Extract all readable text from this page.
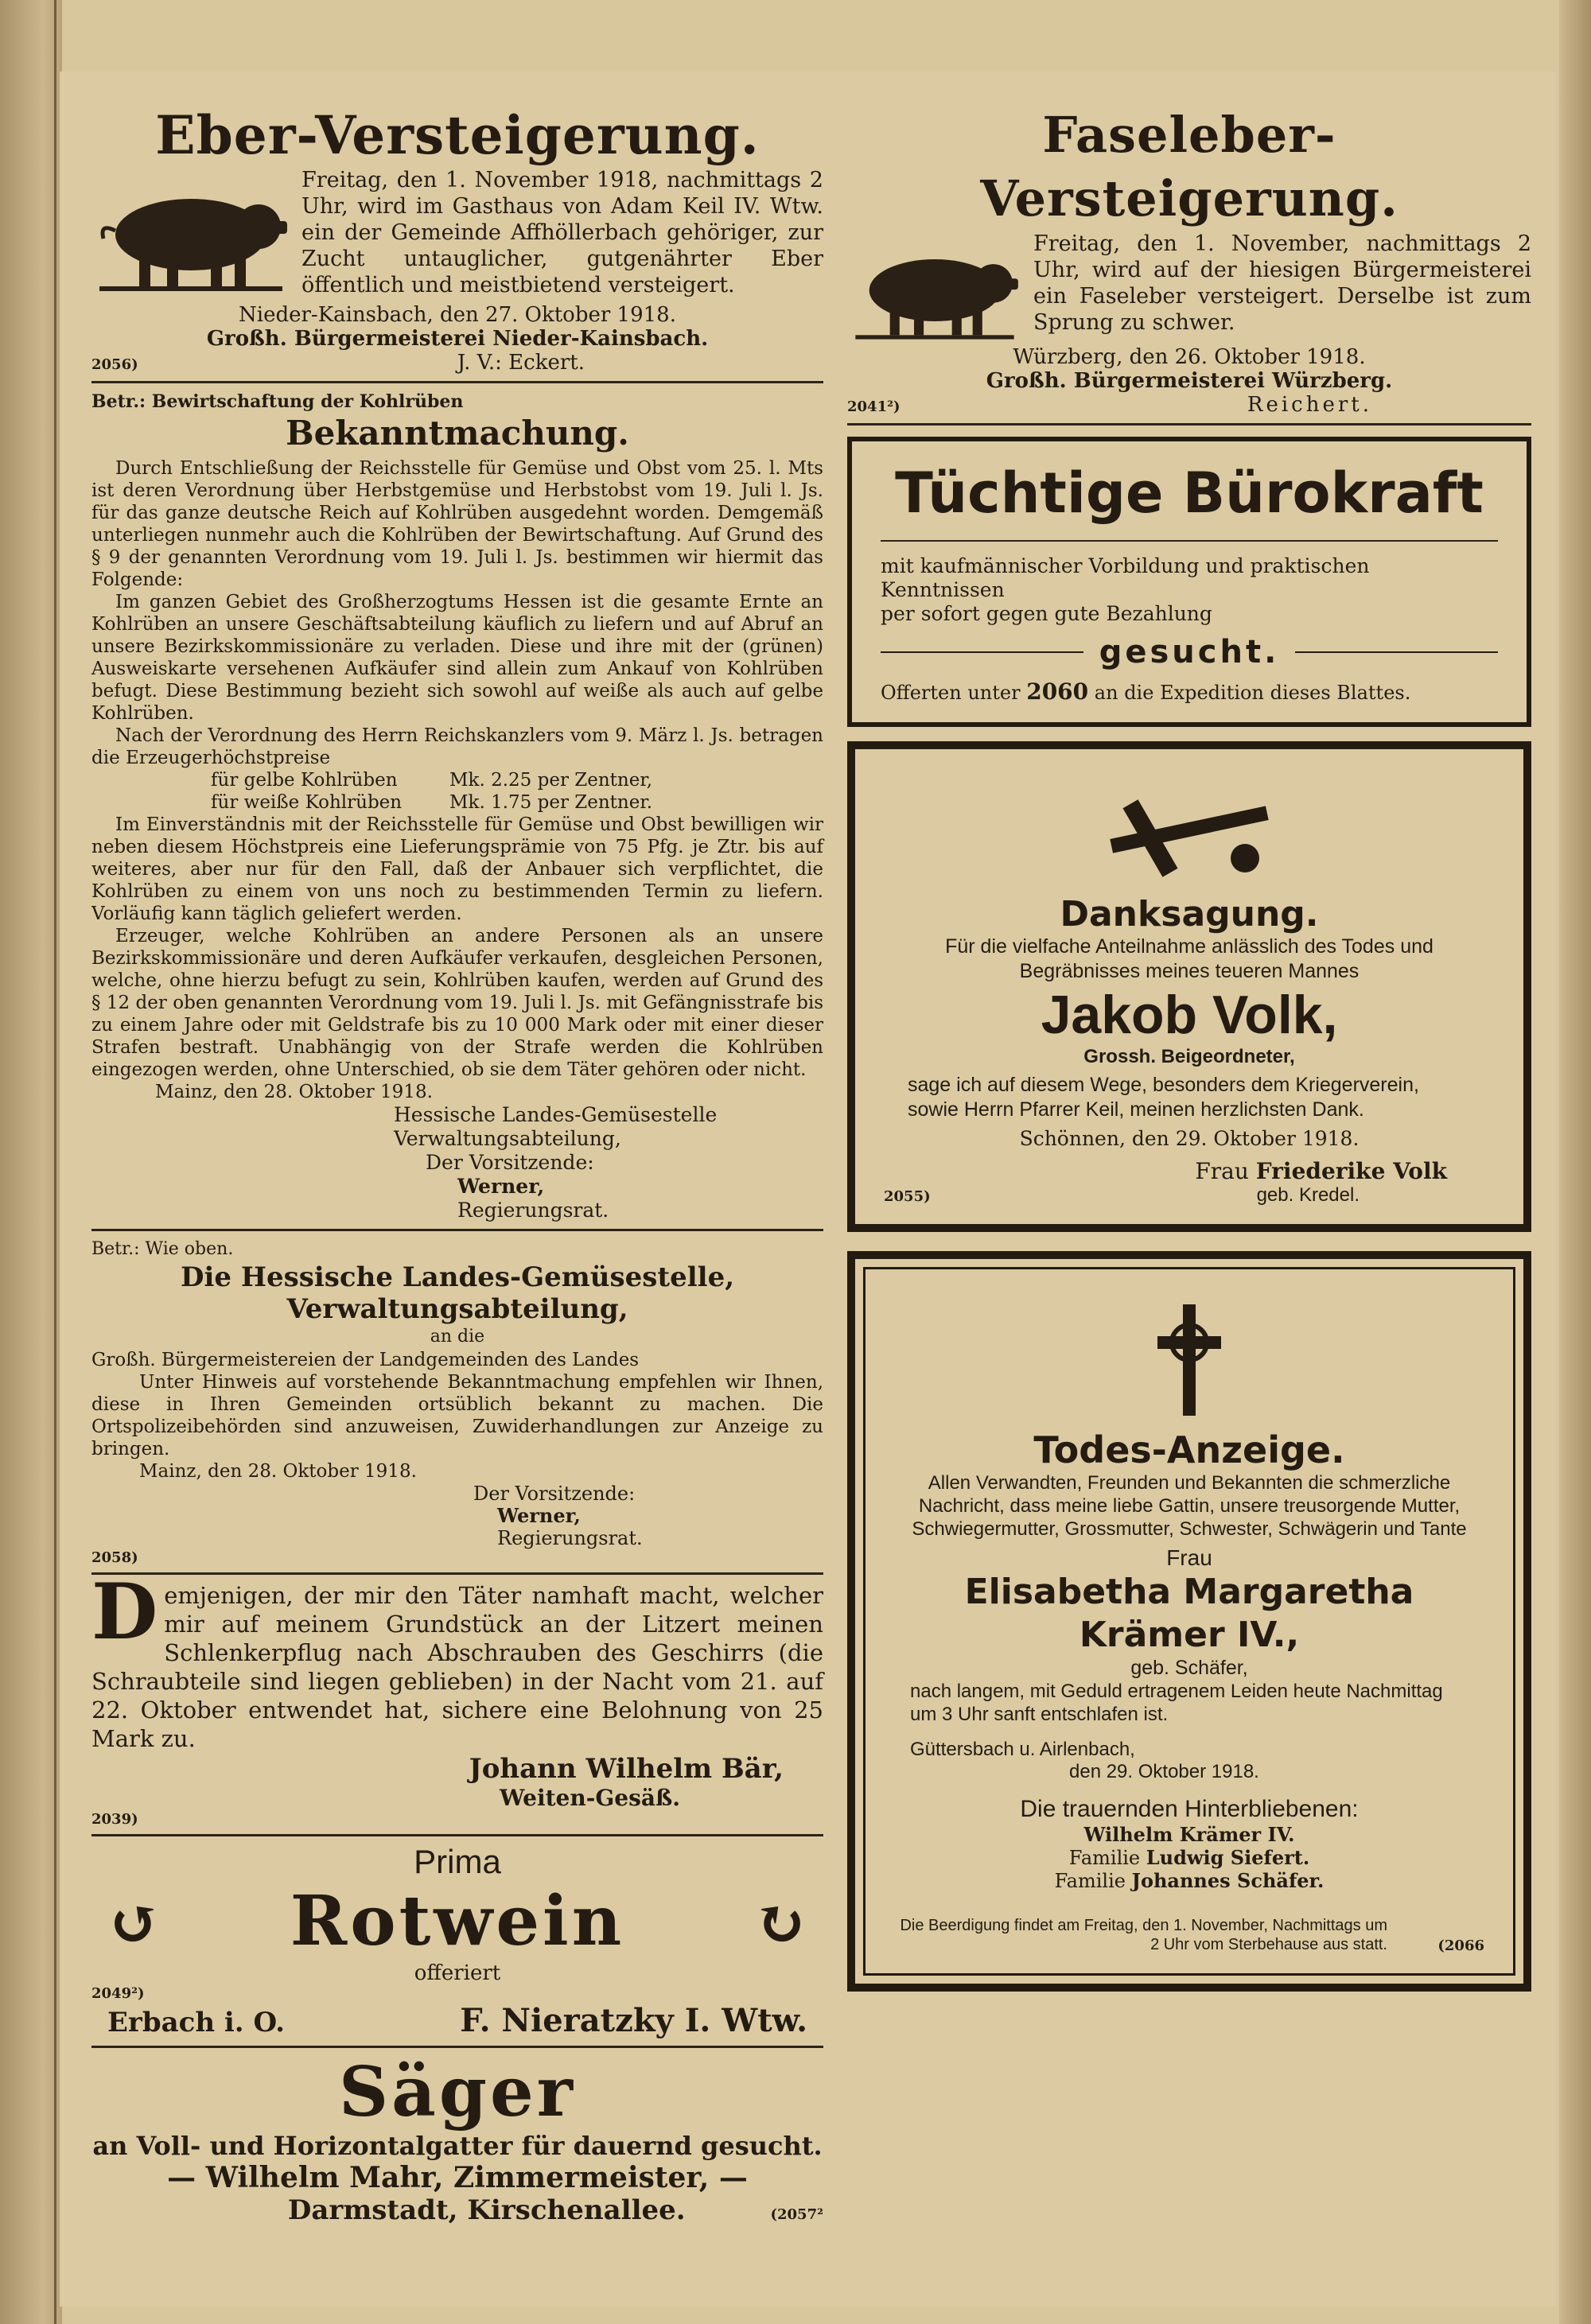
Eber-Versteigerung.
Freitag, den 1. November 1918, nachmittags 2 Uhr, wird im Gasthaus von Adam Keil IV. Wtw. ein der Gemeinde Affhöllerbach gehöriger, zur Zucht untauglicher, gutgenährter Eber öffentlich und meistbietend versteigert.
Nieder-Kainsbach, den 27. Oktober 1918.
Großh. Bürgermeisterei Nieder-Kainsbach.
2056)	J. V.: Eckert.
Betr.: Bewirtschaftung der Kohlrüben
Bekanntmachung.

Durch Entschließung der Reichsstelle für Gemüse und Obst vom 25. l. Mts ist deren Verordnung über Herbstgemüse und Herbstobst vom 19. Juli l. Js. für das ganze deutsche Reich auf Kohlrüben ausgedehnt worden. Demgemäß unterliegen nunmehr auch die Kohlrüben der Bewirtschaftung. Auf Grund des § 9 der genannten Verordnung vom 19. Juli l. Js. bestimmen wir hiermit das Folgende:

Im ganzen Gebiet des Großherzogtums Hessen ist die gesamte Ernte an Kohlrüben an unsere Geschäftsabteilung käuflich zu liefern und auf Abruf an unsere Bezirkskommissionäre zu verladen. Diese und ihre mit der (grünen) Ausweiskarte versehenen Aufkäufer sind allein zum Ankauf von Kohlrüben befugt. Diese Bestimmung bezieht sich sowohl auf weiße als auch auf gelbe Kohlrüben.

Nach der Verordnung des Herrn Reichskanzlers vom 9. März l. Js. betragen die Erzeugerhöchstpreise

für gelbe Kohlrüben	Mk. 2.25 per Zentner,
für weiße Kohlrüben	Mk. 1.75 per Zentner.

Im Einverständnis mit der Reichsstelle für Gemüse und Obst bewilligen wir neben diesem Höchstpreis eine Lieferungsprämie von 75 Pfg. je Ztr. bis auf weiteres, aber nur für den Fall, daß der Anbauer sich verpflichtet, die Kohlrüben zu einem von uns noch zu bestimmenden Termin zu liefern. Vorläufig kann täglich geliefert werden.

Erzeuger, welche Kohlrüben an andere Personen als an unsere Bezirkskommissionäre und deren Aufkäufer verkaufen, desgleichen Personen, welche, ohne hierzu befugt zu sein, Kohlrüben kaufen, werden auf Grund des § 12 der oben genannten Verordnung vom 19. Juli l. Js. mit Gefängnisstrafe bis zu einem Jahre oder mit Geldstrafe bis zu 10 000 Mark oder mit einer dieser Strafen bestraft. Unabhängig von der Strafe werden die Kohlrüben eingezogen werden, ohne Unterschied, ob sie dem Täter gehören oder nicht.

Mainz, den 28. Oktober 1918.
Hessische Landes-Gemüsestelle
Verwaltungsabteilung,
Der Vorsitzende:
Werner,
Regierungsrat.
Betr.: Wie oben.
Die Hessische Landes-Gemüsestelle, Verwaltungsabteilung,
an die
Großh. Bürgermeistereien der Landgemeinden des Landes

Unter Hinweis auf vorstehende Bekanntmachung empfehlen wir Ihnen, diese in Ihren Gemeinden ortsüblich bekannt zu machen. Die Ortspolizeibehörden sind anzuweisen, Zuwiderhandlungen zur Anzeige zu bringen.

Mainz, den 28. Oktober 1918.
Der Vorsitzende:
Werner,
Regierungsrat.
2058)
D emjenigen, der mir den Täter namhaft macht, welcher mir auf meinem Grundstück an der Litzert meinen Schlenkerpflug nach Abschrauben des Geschirrs (die Schraubteile sind liegen geblieben) in der Nacht vom 21. auf 22. Oktober entwendet hat, sichere eine Belohnung von 25 Mark zu.
Johann Wilhelm Bär,
Weiten-Gesäß.
2039)
Prima
↺ Rotwein ↻
offeriert
2049²)
Erbach i. O.	F. Nieratzky I. Wtw.
Säger
an Voll- und Horizontalgatter für dauernd gesucht.
— Wilhelm Mahr, Zimmermeister, —
Darmstadt, Kirschenallee.	(2057²
Faseleber-Versteigerung.
Freitag, den 1. November, nachmittags 2 Uhr, wird auf der hiesigen Bürgermeisterei ein Faseleber versteigert. Derselbe ist zum Sprung zu schwer.
Würzberg, den 26. Oktober 1918.
Großh. Bürgermeisterei Würzberg.
2041²)	Reichert.
Tüchtige Bürokraft
mit kaufmännischer Vorbildung und praktischen Kenntnissen
per sofort gegen gute Bezahlung
gesucht.
Offerten unter 2060 an die Expedition dieses Blattes.
Danksagung.
Für die vielfache Anteilnahme anlässlich des Todes und Begräbnisses meines teueren Mannes
Jakob Volk,
Grossh. Beigeordneter,
sage ich auf diesem Wege, besonders dem Kriegerverein, sowie Herrn Pfarrer Keil, meinen herzlichsten Dank.
Schönnen, den 29. Oktober 1918.
Frau Friederike Volk
2055)	geb. Kredel.
Todes-Anzeige.
Allen Verwandten, Freunden und Bekannten die schmerzliche Nachricht, dass meine liebe Gattin, unsere treusorgende Mutter, Schwiegermutter, Grossmutter, Schwester, Schwägerin und Tante
Frau
Elisabetha Margaretha Krämer IV.,
geb. Schäfer,
nach langem, mit Geduld ertragenem Leiden heute Nachmittag um 3 Uhr sanft entschlafen ist.
Güttersbach u. Airlenbach,
den 29. Oktober 1918.
Die trauernden Hinterbliebenen:
Wilhelm Krämer IV.
Familie Ludwig Siefert.
Familie Johannes Schäfer.
Die Beerdigung findet am Freitag, den 1. November, Nachmittags um 2 Uhr vom Sterbehause aus statt.	(2066
